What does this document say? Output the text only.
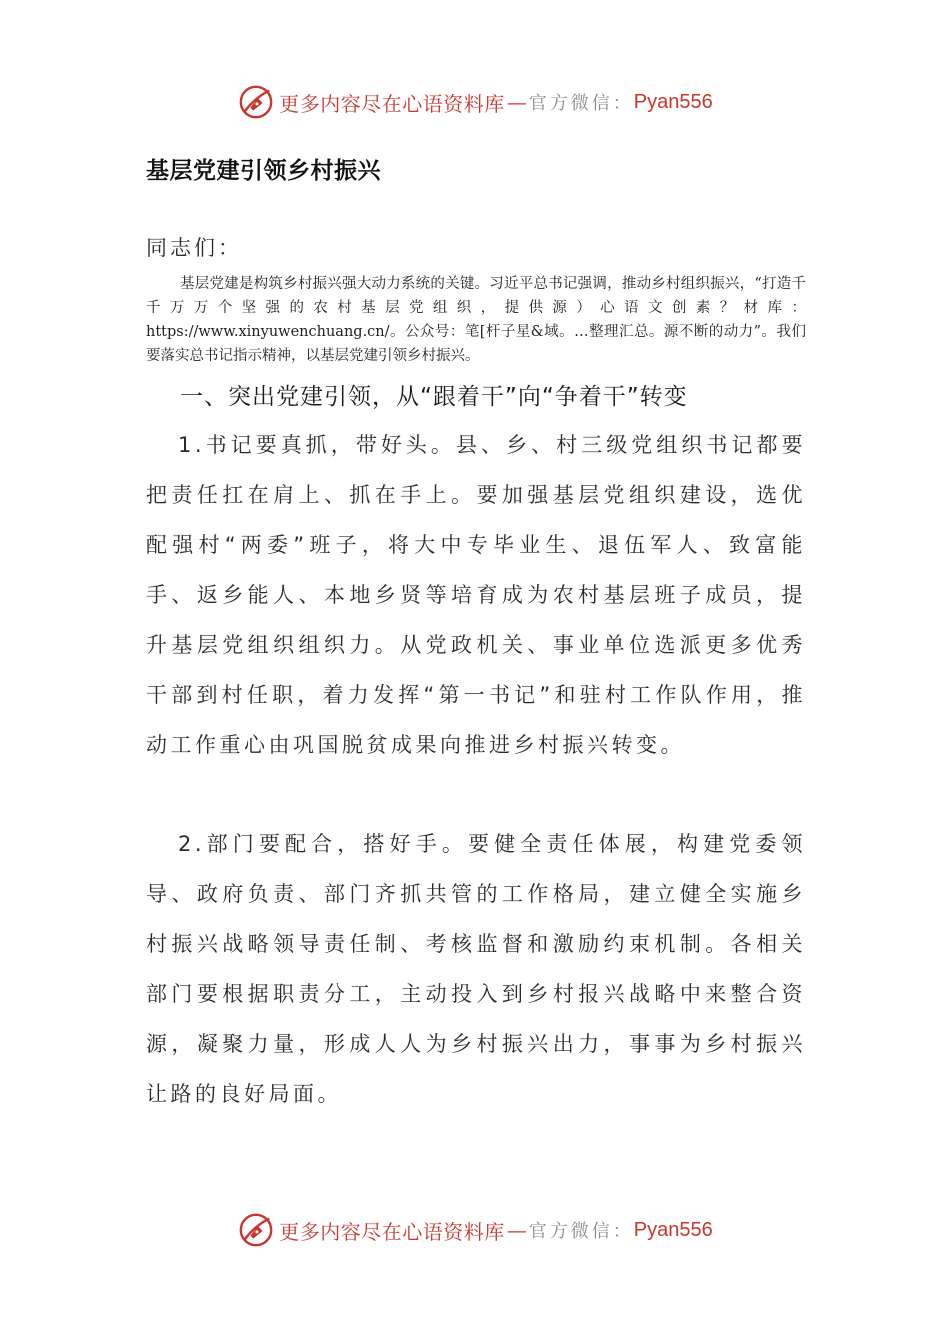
更多内容尽在心语资料库 — 官方微信： Pyan556
基层党建引领乡村振兴
同志们：
基层党建是构筑乡村振兴强大动力系统的关键。习近平总书记强调，推动乡村组织振兴，“打造千千万万个坚强的农村基层党组织，提供源）心语文创素？材库：https://www.xinyuwenchuang.cn/。公众号：笔[杆子星&域。…整理汇总。源不断的动力”。我们要落实总书记指示精神，以基层党建引领乡村振兴。
一、突出党建引领，从“跟着干”向“争着干”转变
1.书记要真抓，带好头。县、乡、村三级党组织书记都要把责任扛在肩上、抓在手上。要加强基层党组织建设，选优配强村“两委”班子，将大中专毕业生、退伍军人、致富能手、返乡能人、本地乡贤等培育成为农村基层班子成员，提升基层党组织组织力。从党政机关、事业单位选派更多优秀干部到村任职，着力发挥“第一书记”和驻村工作队作用，推动工作重心由巩国脱贫成果向推进乡村振兴转变。
2.部门要配合，搭好手。要健全责任体展，构建党委领导、政府负责、部门齐抓共管的工作格局，建立健全实施乡村振兴战略领导责任制、考核监督和激励约束机制。各相关部门要根据职责分工，主动投入到乡村报兴战略中来整合资源，凝聚力量，形成人人为乡村振兴出力，事事为乡村振兴让路的良好局面。
更多内容尽在心语资料库 — 官方微信： Pyan556
